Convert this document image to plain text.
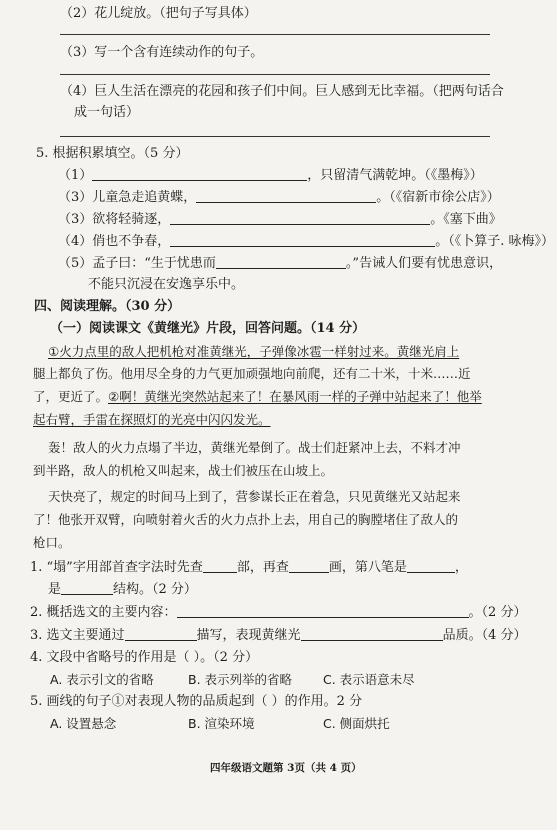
（2）花儿绽放。（把句子写具体）
（3）写一个含有连续动作的句子。
（4）巨人生活在漂亮的花园和孩子们中间。巨人感到无比幸福。（把两句话合
成一句话）
5. 根据积累填空。（5 分）
（1）	，只留清气满乾坤。（《墨梅》）
（3）儿童急走追黄蝶，	。（《宿新市徐公店》）
（3）欲将轻骑逐，	。《塞下曲》
（4）俏也不争春，	。（《卜算子. 咏梅》）
（5）孟子曰：“生于忧患而	。”告诫人们要有忧患意识，
不能只沉浸在安逸享乐中。
四、阅读理解。（30 分）
（一）阅读课文《黄继光》片段，回答问题。（14 分）
①火力点里的敌人把机枪对准黄继光，子弹像冰雹一样射过来。黄继光肩上
腿上都负了伤。他用尽全身的力气更加顽强地向前爬，还有二十米，十米……近
了，更近了。②啊！黄继光突然站起来了！在暴风雨一样的子弹中站起来了！他举
起右臂，手雷在探照灯的光亮中闪闪发光。
轰！敌人的火力点塌了半边，黄继光晕倒了。战士们赶紧冲上去，不料才冲
到半路，敌人的机枪又叫起来，战士们被压在山坡上。
天快亮了，规定的时间马上到了，营参谋长正在着急，只见黄继光又站起来
了！他张开双臂，向喷射着火舌的火力点扑上去，用自己的胸膛堵住了敌人的
枪口。
1. “塌”字用部首查字法时先查	部，再查	画，第八笔是	，
是	结构。（2 分）
2. 概括选文的主要内容：	。（2 分）
3. 选文主要通过	描写，表现黄继光	品质。（4 分）
4. 文段中省略号的作用是（ ）。（2 分）
A. 表示引文的省略	B. 表示列举的省略 C. 表示语意未尽
5. 画线的句子①对表现人物的品质起到（ ）的作用。2 分
A. 设置悬念	B. 渲染环境	C. 侧面烘托
四年级语文题第 3页（共 4 页）
